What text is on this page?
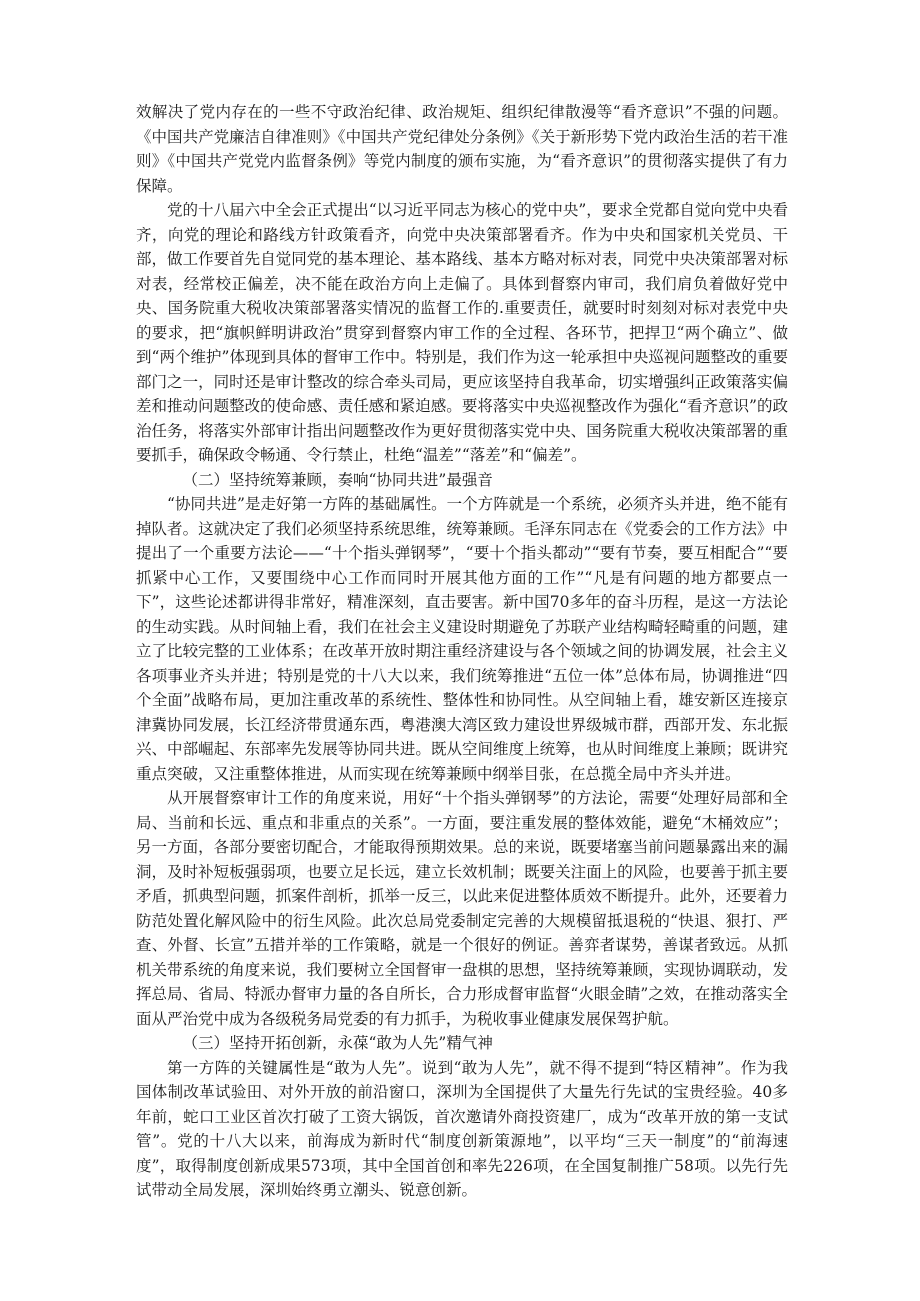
效解决了党内存在的一些不守政治纪律、政治规矩、组织纪律散漫等“看齐意识”不强的问题。《中国共产党廉洁自律准则》《中国共产党纪律处分条例》《关于新形势下党内政治生活的若干准则》《中国共产党党内监督条例》等党内制度的颁布实施，为“看齐意识”的贯彻落实提供了有力保障。

党的十八届六中全会正式提出“以习近平同志为核心的党中央”，要求全党都自觉向党中央看齐，向党的理论和路线方针政策看齐，向党中央决策部署看齐。作为中央和国家机关党员、干部，做工作要首先自觉同党的基本理论、基本路线、基本方略对标对表，同党中央决策部署对标对表，经常校正偏差，决不能在政治方向上走偏了。具体到督察内审司，我们肩负着做好党中央、国务院重大税收决策部署落实情况的监督工作的.重要责任，就要时时刻刻对标对表党中央的要求，把“旗帜鲜明讲政治”贯穿到督察内审工作的全过程、各环节，把捍卫“两个确立”、做到“两个维护”体现到具体的督审工作中。特别是，我们作为这一轮承担中央巡视问题整改的重要部门之一，同时还是审计整改的综合牵头司局，更应该坚持自我革命，切实增强纠正政策落实偏差和推动问题整改的使命感、责任感和紧迫感。要将落实中央巡视整改作为强化“看齐意识”的政治任务，将落实外部审计指出问题整改作为更好贯彻落实党中央、国务院重大税收决策部署的重要抓手，确保政令畅通、令行禁止，杜绝“温差”“落差”和“偏差”。

（二）坚持统筹兼顾，奏响“协同共进”最强音

“协同共进”是走好第一方阵的基础属性。一个方阵就是一个系统，必须齐头并进，绝不能有掉队者。这就决定了我们必须坚持系统思维，统筹兼顾。毛泽东同志在《党委会的工作方法》中提出了一个重要方法论——“十个指头弹钢琴”，“要十个指头都动”“要有节奏，要互相配合”“要抓紧中心工作，又要围绕中心工作而同时开展其他方面的工作”“凡是有问题的地方都要点一下”，这些论述都讲得非常好，精准深刻，直击要害。新中国70多年的奋斗历程，是这一方法论的生动实践。从时间轴上看，我们在社会主义建设时期避免了苏联产业结构畸轻畸重的问题，建立了比较完整的工业体系；在改革开放时期注重经济建设与各个领域之间的协调发展，社会主义各项事业齐头并进；特别是党的十八大以来，我们统筹推进“五位一体”总体布局，协调推进“四个全面”战略布局，更加注重改革的系统性、整体性和协同性。从空间轴上看，雄安新区连接京津冀协同发展，长江经济带贯通东西，粤港澳大湾区致力建设世界级城市群，西部开发、东北振兴、中部崛起、东部率先发展等协同共进。既从空间维度上统筹，也从时间维度上兼顾；既讲究重点突破，又注重整体推进，从而实现在统筹兼顾中纲举目张，在总揽全局中齐头并进。

从开展督察审计工作的角度来说，用好“十个指头弹钢琴”的方法论，需要“处理好局部和全局、当前和长远、重点和非重点的关系”。一方面，要注重发展的整体效能，避免“木桶效应”；另一方面，各部分要密切配合，才能取得预期效果。总的来说，既要堵塞当前问题暴露出来的漏洞，及时补短板强弱项，也要立足长远，建立长效机制；既要关注面上的风险，也要善于抓主要矛盾，抓典型问题，抓案件剖析，抓举一反三，以此来促进整体质效不断提升。此外，还要着力防范处置化解风险中的衍生风险。此次总局党委制定完善的大规模留抵退税的“快退、狠打、严查、外督、长宣”五措并举的工作策略，就是一个很好的例证。善弈者谋势，善谋者致远。从抓机关带系统的角度来说，我们要树立全国督审一盘棋的思想，坚持统筹兼顾，实现协调联动，发挥总局、省局、特派办督审力量的各自所长，合力形成督审监督“火眼金睛”之效，在推动落实全面从严治党中成为各级税务局党委的有力抓手，为税收事业健康发展保驾护航。

（三）坚持开拓创新，永葆“敢为人先”精气神

第一方阵的关键属性是“敢为人先”。说到“敢为人先”，就不得不提到“特区精神”。作为我国体制改革试验田、对外开放的前沿窗口，深圳为全国提供了大量先行先试的宝贵经验。40多年前，蛇口工业区首次打破了工资大锅饭，首次邀请外商投资建厂，成为“改革开放的第一支试管”。党的十八大以来，前海成为新时代“制度创新策源地”，以平均“三天一制度”的“前海速度”，取得制度创新成果573项，其中全国首创和率先226项，在全国复制推广58项。以先行先试带动全局发展，深圳始终勇立潮头、锐意创新。
